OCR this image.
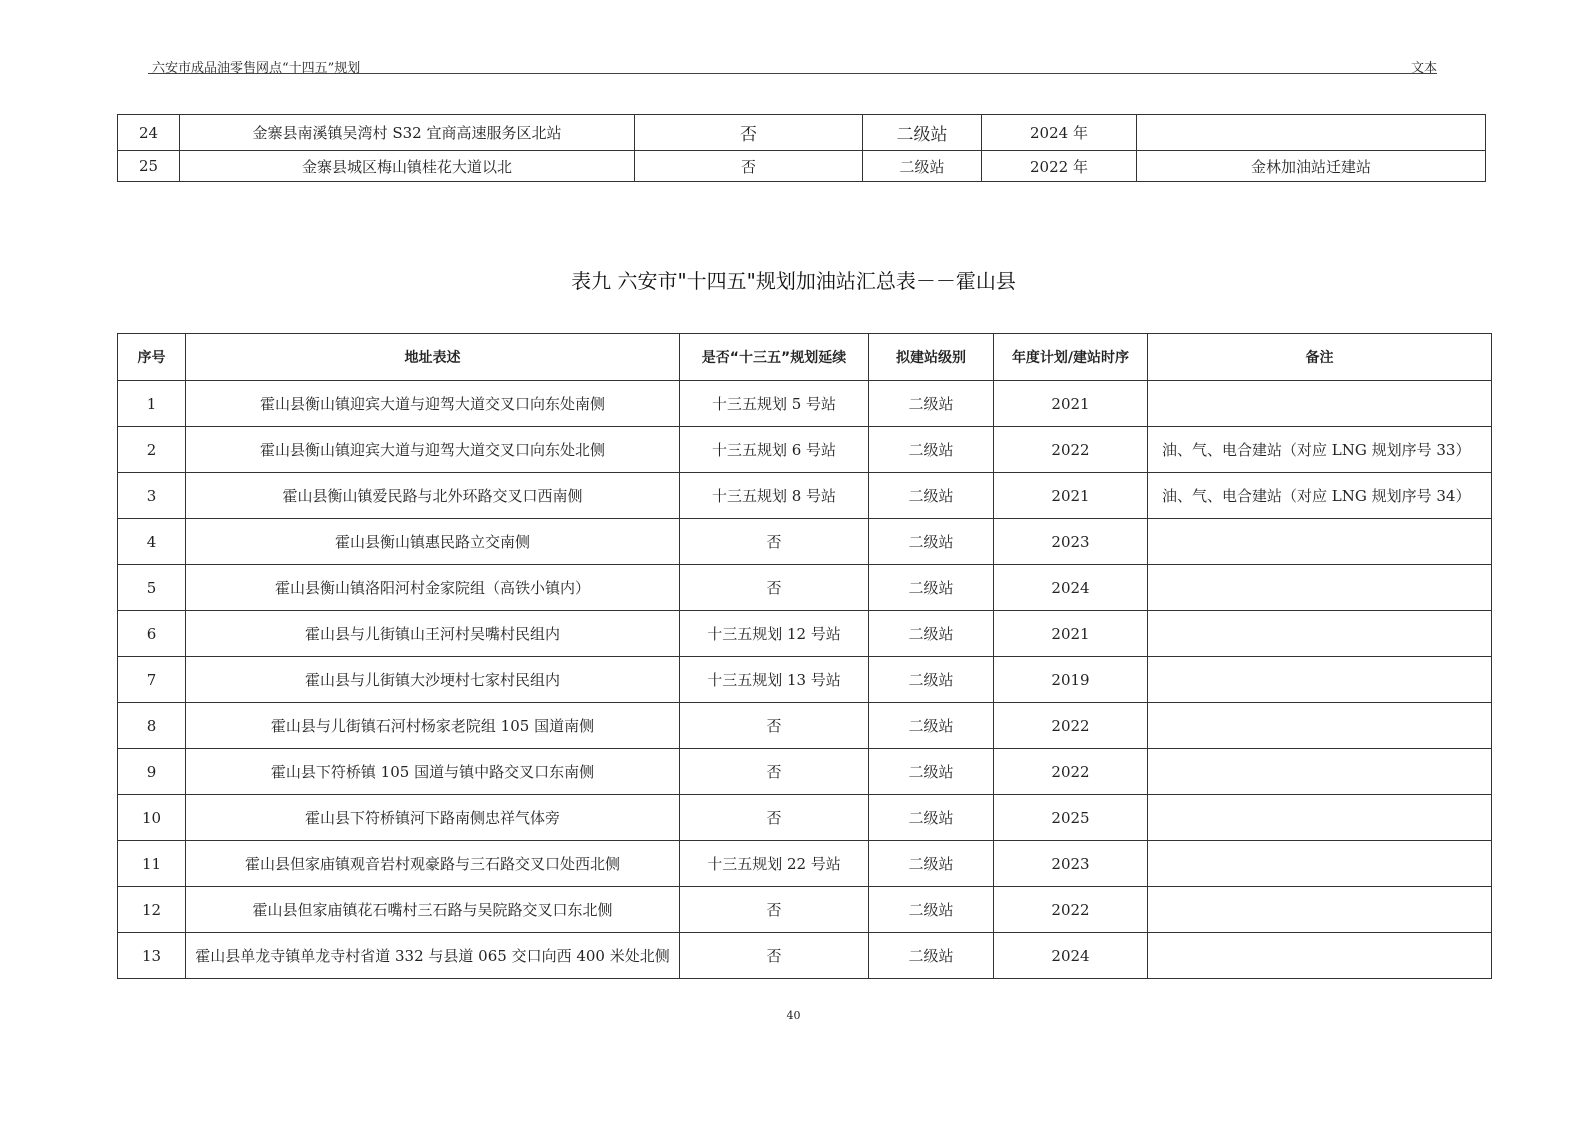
六安市成品油零售网点“十四五”规划	文本
24	金寨县南溪镇吴湾村 S32 宜商高速服务区北站	否	二级站	2024 年	
25	金寨县城区梅山镇桂花大道以北	否	二级站	2022 年	金林加油站迁建站
表九 六安市"十四五"规划加油站汇总表－－霍山县
序号	地址表述	是否“十三五”规划延续	拟建站级别	年度计划/建站时序	备注
1	霍山县衡山镇迎宾大道与迎驾大道交叉口向东处南侧	十三五规划 5 号站	二级站	2021	
2	霍山县衡山镇迎宾大道与迎驾大道交叉口向东处北侧	十三五规划 6 号站	二级站	2022	油、气、电合建站（对应 LNG 规划序号 33）
3	霍山县衡山镇爱民路与北外环路交叉口西南侧	十三五规划 8 号站	二级站	2021	油、气、电合建站（对应 LNG 规划序号 34）
4	霍山县衡山镇惠民路立交南侧	否	二级站	2023	
5	霍山县衡山镇洛阳河村金家院组（高铁小镇内）	否	二级站	2024	
6	霍山县与儿街镇山王河村吴嘴村民组内	十三五规划 12 号站	二级站	2021	
7	霍山县与儿街镇大沙埂村七家村民组内	十三五规划 13 号站	二级站	2019	
8	霍山县与儿街镇石河村杨家老院组 105 国道南侧	否	二级站	2022	
9	霍山县下符桥镇 105 国道与镇中路交叉口东南侧	否	二级站	2022	
10	霍山县下符桥镇河下路南侧忠祥气体旁	否	二级站	2025	
11	霍山县但家庙镇观音岩村观豪路与三石路交叉口处西北侧	十三五规划 22 号站	二级站	2023	
12	霍山县但家庙镇花石嘴村三石路与吴院路交叉口东北侧	否	二级站	2022	
13	霍山县单龙寺镇单龙寺村省道 332 与县道 065 交口向西 400 米处北侧	否	二级站	2024	
40
